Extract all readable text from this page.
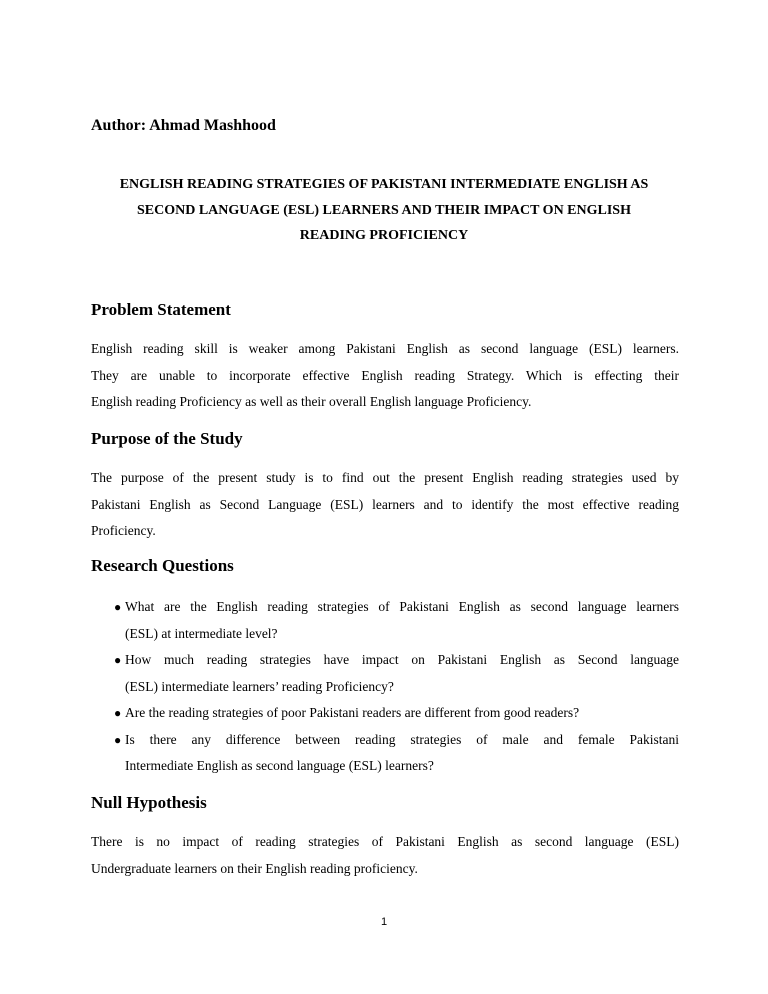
Author: Ahmad Mashhood
ENGLISH READING STRATEGIES OF PAKISTANI INTERMEDIATE ENGLISH AS
SECOND LANGUAGE (ESL) LEARNERS AND THEIR IMPACT ON ENGLISH
READING PROFICIENCY
Problem Statement
English reading skill is weaker among Pakistani English as second language (ESL) learners.
They are unable to incorporate effective English reading Strategy. Which is effecting their
English reading Proficiency as well as their overall English language Proficiency.
Purpose of the Study
The purpose of the present study is to find out the present English reading strategies used by
Pakistani English as Second Language (ESL) learners and to identify the most effective reading
Proficiency.
Research Questions
● What are the English reading strategies of Pakistani English as second language learners
(ESL) at intermediate level?
● How much reading strategies have impact on Pakistani English as Second language
(ESL) intermediate learners’ reading Proficiency?
● Are the reading strategies of poor Pakistani readers are different from good readers?
● Is there any difference between reading strategies of male and female Pakistani
Intermediate English as second language (ESL) learners?
Null Hypothesis
There is no impact of reading strategies of Pakistani English as second language (ESL)
Undergraduate learners on their English reading proficiency.
1
